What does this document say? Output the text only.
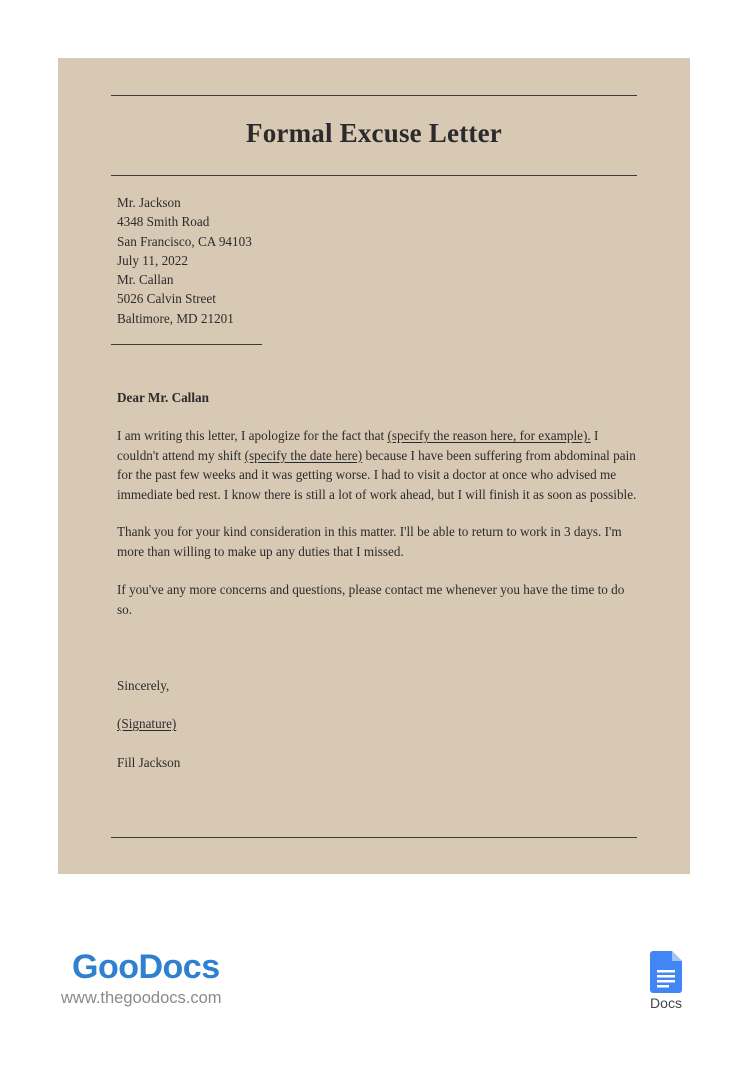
Formal Excuse Letter
Mr. Jackson
4348 Smith Road
San Francisco, CA 94103
July 11, 2022
Mr. Callan
5026 Calvin Street
Baltimore, MD 21201
Dear Mr. Callan

I am writing this letter, I apologize for the fact that (specify the reason here, for example). I couldn't attend my shift (specify the date here) because I have been suffering from abdominal pain for the past few weeks and it was getting worse. I had to visit a doctor at once who advised me immediate bed rest. I know there is still a lot of work ahead, but I will finish it as soon as possible.

Thank you for your kind consideration in this matter. I'll be able to return to work in 3 days. I'm more than willing to make up any duties that I missed.

If you've any more concerns and questions, please contact me whenever you have the time to do so.

Sincerely,
(Signature)
Fill Jackson
GooDocs
www.thegoodocs.com	Docs
